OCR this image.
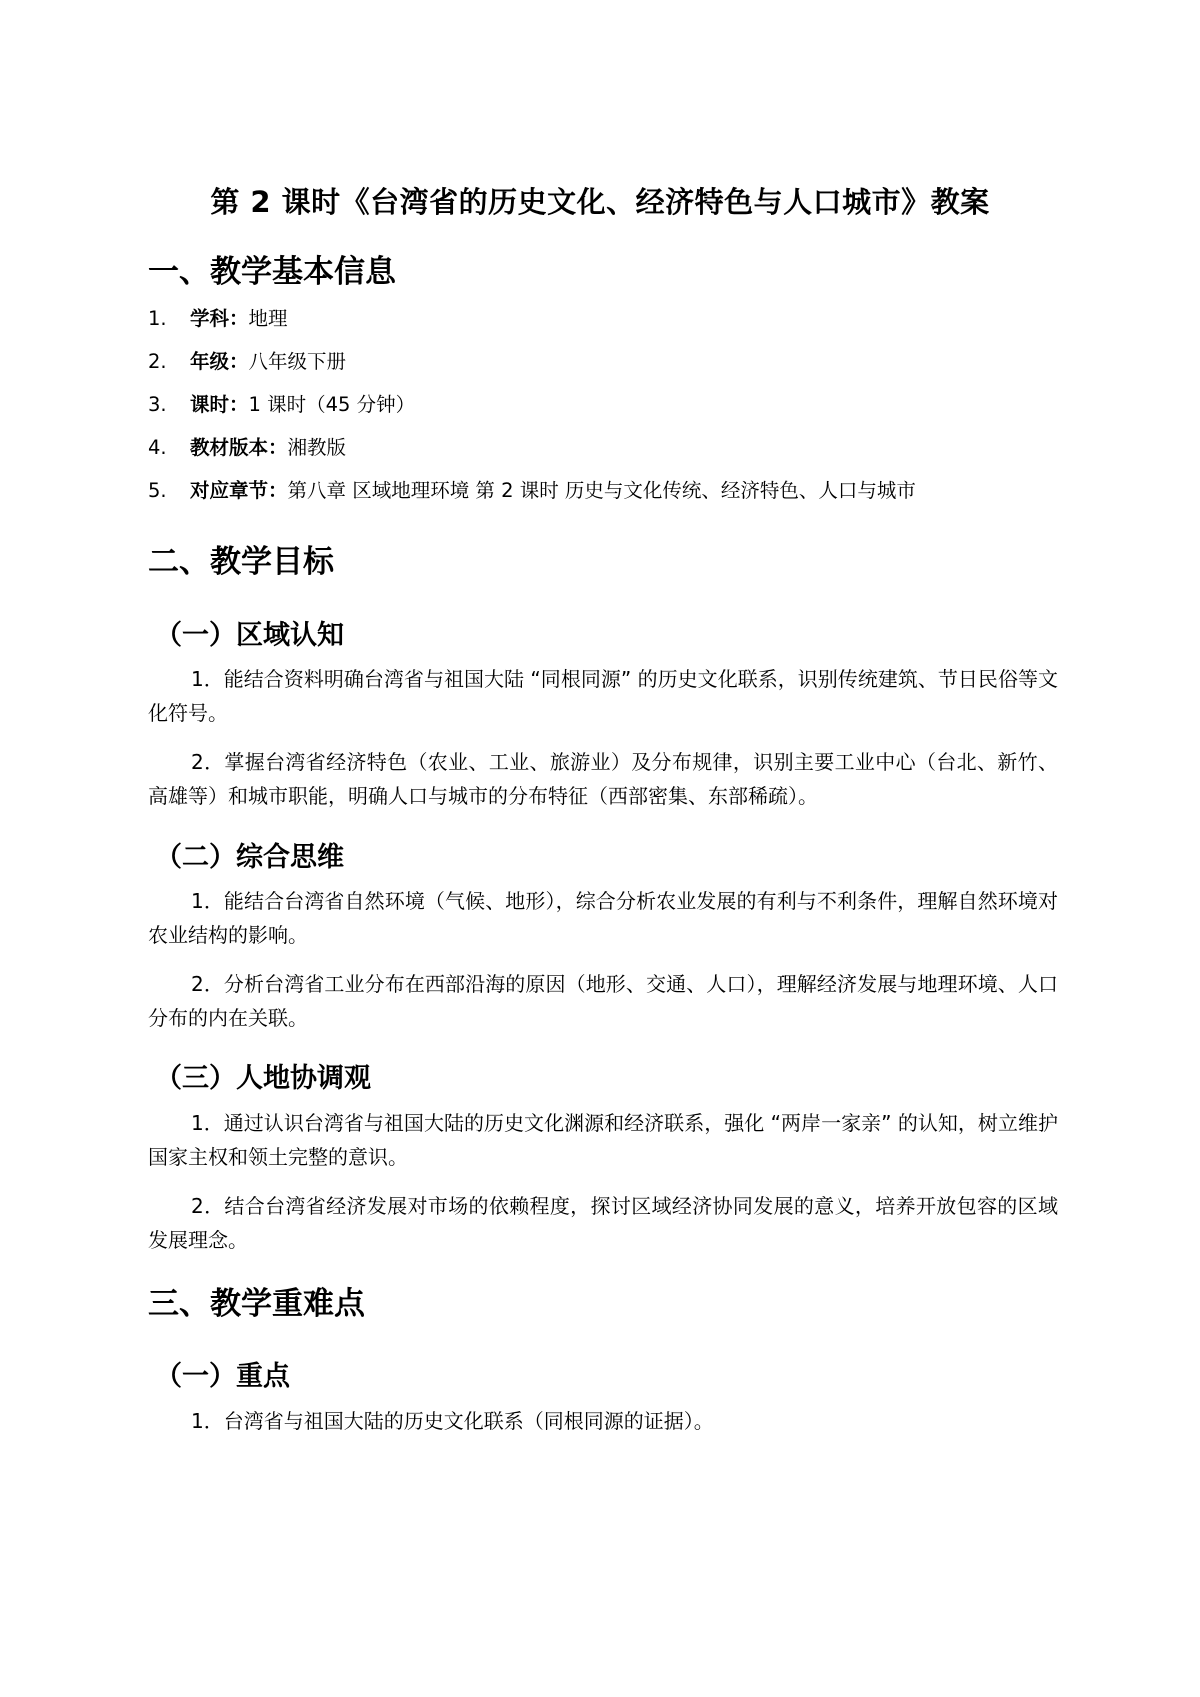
第 2 课时《台湾省的历史文化、经济特色与人口城市》教案
一、教学基本信息
1. 学科：地理
2. 年级：八年级下册
3. 课时：1 课时（45 分钟）
4. 教材版本：湘教版
5. 对应章节：第八章 区域地理环境 第 2 课时 历史与文化传统、经济特色、人口与城市
二、教学目标
（一）区域认知
1．能结合资料明确台湾省与祖国大陆 “同根同源” 的历史文化联系，识别传统建筑、节日民俗等文化符号。
2．掌握台湾省经济特色（农业、工业、旅游业）及分布规律，识别主要工业中心（台北、新竹、高雄等）和城市职能，明确人口与城市的分布特征（西部密集、东部稀疏）。
（二）综合思维
1．能结合台湾省自然环境（气候、地形），综合分析农业发展的有利与不利条件，理解自然环境对农业结构的影响。
2．分析台湾省工业分布在西部沿海的原因（地形、交通、人口），理解经济发展与地理环境、人口分布的内在关联。
（三）人地协调观
1．通过认识台湾省与祖国大陆的历史文化渊源和经济联系，强化 “两岸一家亲” 的认知，树立维护国家主权和领土完整的意识。
2．结合台湾省经济发展对市场的依赖程度，探讨区域经济协同发展的意义，培养开放包容的区域发展理念。
三、教学重难点
（一）重点
1．台湾省与祖国大陆的历史文化联系（同根同源的证据）。
